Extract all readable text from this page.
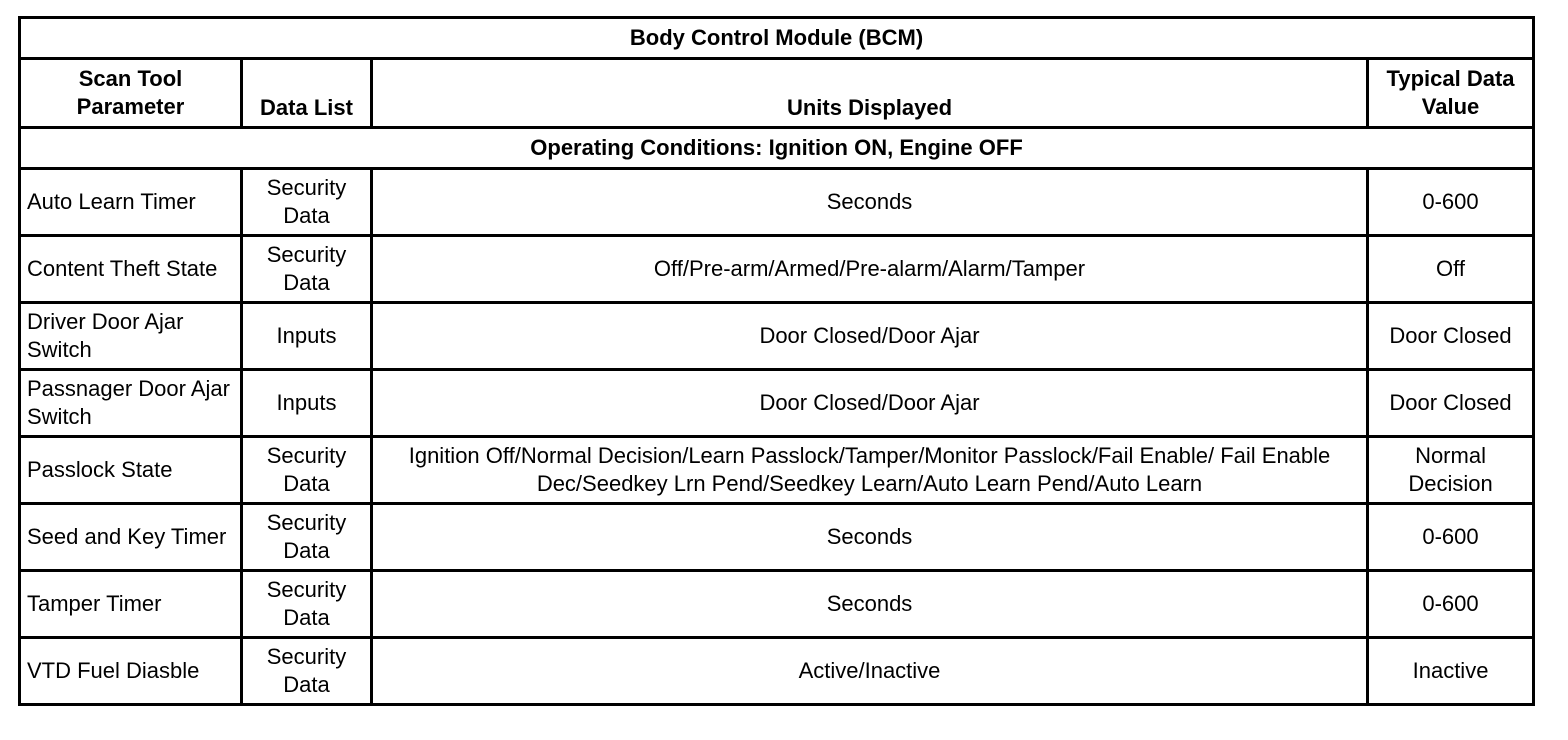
Body Control Module (BCM)			
Scan Tool Parameter	Data List	Units Displayed	Typical Data Value
Operating Conditions: Ignition ON, Engine OFF			
Auto Learn Timer	Security Data	Seconds	0-600
Content Theft State	Security Data	Off/Pre-arm/Armed/Pre-alarm/Alarm/Tamper	Off
Driver Door Ajar Switch	Inputs	Door Closed/Door Ajar	Door Closed
Passnager Door Ajar Switch	Inputs	Door Closed/Door Ajar	Door Closed
Passlock State	Security Data	Ignition Off/Normal Decision/Learn Passlock/Tamper/Monitor Passlock/Fail Enable/ Fail Enable Dec/Seedkey Lrn Pend/Seedkey Learn/Auto Learn Pend/Auto Learn	Normal Decision
Seed and Key Timer	Security Data	Seconds	0-600
Tamper Timer	Security Data	Seconds	0-600
VTD Fuel Diasble	Security Data	Active/Inactive	Inactive
